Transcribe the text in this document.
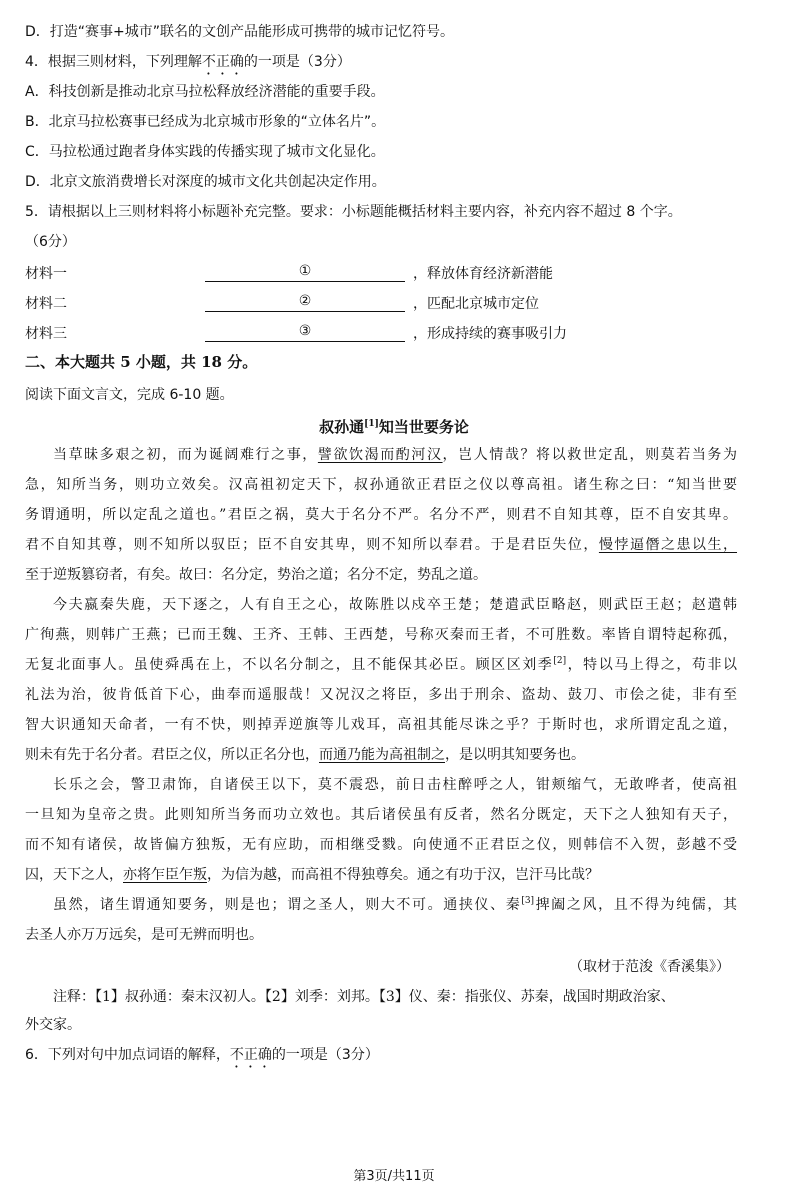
D．打造“赛事+城市”联名的文创产品能形成可携带的城市记忆符号。
4．根据三则材料，下列理解不正确的一项是（3分）
A．科技创新是推动北京马拉松释放经济潜能的重要手段。
B．北京马拉松赛事已经成为北京城市形象的“立体名片”。
C．马拉松通过跑者身体实践的传播实现了城市文化显化。
D．北京文旅消费增长对深度的城市文化共创起决定作用。
5．请根据以上三则材料将小标题补充完整。要求：小标题能概括材料主要内容，补充内容不超过 8 个字。
（6分）
材料一	①	，释放体育经济新潜能
材料二	②	，匹配北京城市定位
材料三	③	，形成持续的赛事吸引力
二、本大题共 5 小题，共 18 分。
阅读下面文言文，完成 6-10 题。
叔孙通[1]知当世要务论
当草昧多艰之初，而为诞阔难行之事，譬欲饮渴而酌河汉，岂人情哉？将以救世定乱，则莫若当务为
急，知所当务，则功立效矣。汉高祖初定天下，叔孙通欲正君臣之仪以尊高祖。诸生称之曰：“知当世要
务谓通明，所以定乱之道也。”君臣之祸，莫大于名分不严。名分不严，则君不自知其尊，臣不自安其卑。
君不自知其尊，则不知所以驭臣；臣不自安其卑，则不知所以奉君。于是君臣失位，慢悖逼僭之患以生，
至于逆叛篡窃者，有矣。故曰：名分定，势治之道；名分不定，势乱之道。
今夫嬴秦失鹿，天下逐之，人有自王之心，故陈胜以戍卒王楚；楚遣武臣略赵，则武臣王赵；赵遣韩
广徇燕，则韩广王燕；已而王魏、王齐、王韩、王西楚，号称灭秦而王者，不可胜数。率皆自谓特起称孤，
无复北面事人。虽使舜禹在上，不以名分制之，且不能保其必臣。顾区区刘季[2]，特以马上得之，苟非以
礼法为治，彼肯低首下心，曲奉而遥服哉！又况汉之将臣，多出于刑余、盗劫、鼓刀、市侩之徒，非有至
智大识通知天命者，一有不快，则掉弄逆旗等儿戏耳，高祖其能尽诛之乎？于斯时也，求所谓定乱之道，
则未有先于名分者。君臣之仪，所以正名分也，而通乃能为高祖制之，是以明其知要务也。
长乐之会，警卫肃饰，自诸侯王以下，莫不震恐，前日击柱醉呼之人，钳颊缩气，无敢哗者，使高祖
一旦知为皇帝之贵。此则知所当务而功立效也。其后诸侯虽有反者，然名分既定，天下之人独知有天子，
而不知有诸侯，故皆偏方独叛，无有应助，而相继受戮。向使通不正君臣之仪，则韩信不入贺，彭越不受
囚，天下之人，亦将乍臣乍叛，为信为越，而高祖不得独尊矣。通之有功于汉，岂汗马比哉？
虽然，诸生谓通知要务，则是也；谓之圣人，则大不可。通挟仪、秦[3]捭阖之风，且不得为纯儒，其
去圣人亦万万远矣，是可无辨而明也。
（取材于范浚《香溪集》）
注释：【1】叔孙通：秦末汉初人。【2】刘季：刘邦。【3】仪、秦：指张仪、苏秦，战国时期政治家、
外交家。
6．下列对句中加点词语的解释，不正确的一项是（3分）
第3页/共11页
